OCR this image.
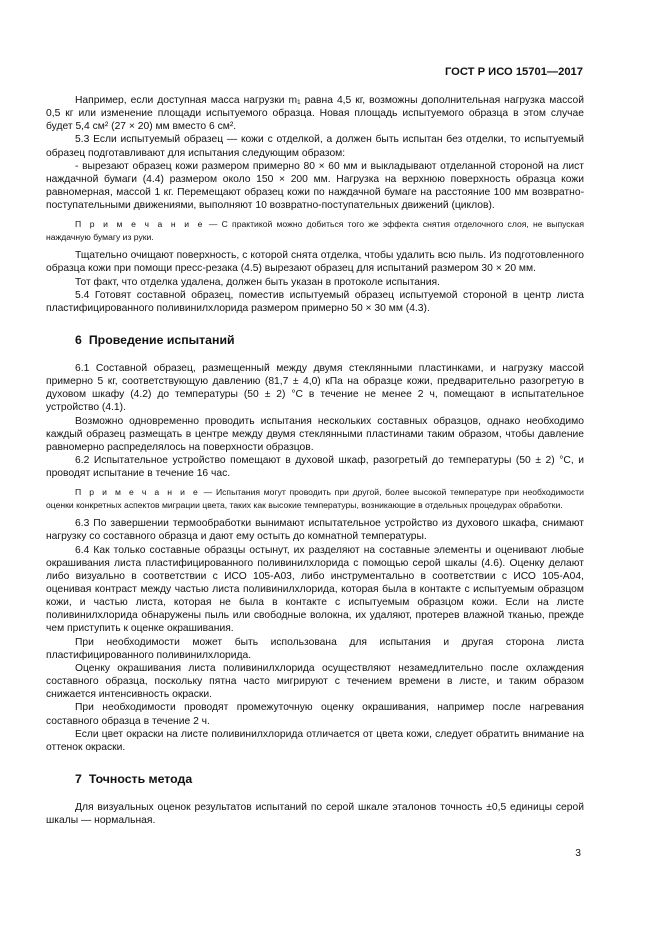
ГОСТ Р ИСО 15701—2017

Например, если доступная масса нагрузки m₁ равна 4,5 кг, возможны дополнительная нагрузка массой 0,5 кг или изменение площади испытуемого образца. Новая площадь испытуемого образца в этом случае будет 5,4 см² (27 × 20) мм вместо 6 см².

5.3 Если испытуемый образец — кожи с отделкой, а должен быть испытан без отделки, то испытуемый образец подготавливают для испытания следующим образом:

- вырезают образец кожи размером примерно 80 × 60 мм и выкладывают отделанной стороной на лист наждачной бумаги (4.4) размером около 150 × 200 мм. Нагрузка на верхнюю поверхность образца кожи равномерная, массой 1 кг. Перемещают образец кожи по наждачной бумаге на расстояние 100 мм возвратно-поступательными движениями, выполняют 10 возвратно-поступательных движений (циклов).

П р и м е ч а н и е — С практикой можно добиться того же эффекта снятия отделочного слоя, не выпуская наждачную бумагу из руки.

Тщательно очищают поверхность, с которой снята отделка, чтобы удалить всю пыль. Из подготовленного образца кожи при помощи пресс-резака (4.5) вырезают образец для испытаний размером 30 × 20 мм.

Тот факт, что отделка удалена, должен быть указан в протоколе испытания.

5.4 Готовят составной образец, поместив испытуемый образец испытуемой стороной в центр листа пластифицированного поливинилхлорида размером примерно 50 × 30 мм (4.3).

6 Проведение испытаний

6.1 Составной образец, размещенный между двумя стеклянными пластинками, и нагрузку массой примерно 5 кг, соответствующую давлению (81,7 ± 4,0) кПа на образце кожи, предварительно разогретую в духовом шкафу (4.2) до температуры (50 ± 2) °С в течение не менее 2 ч, помещают в испытательное устройство (4.1).

Возможно одновременно проводить испытания нескольких составных образцов, однако необходимо каждый образец размещать в центре между двумя стеклянными пластинами таким образом, чтобы давление равномерно распределялось на поверхности образцов.

6.2 Испытательное устройство помещают в духовой шкаф, разогретый до температуры (50 ± 2) °С, и проводят испытание в течение 16 час.

П р и м е ч а н и е — Испытания могут проводить при другой, более высокой температуре при необходимости оценки конкретных аспектов миграции цвета, таких как высокие температуры, возникающие в отдельных процедурах обработки.

6.3 По завершении термообработки вынимают испытательное устройство из духового шкафа, снимают нагрузку со составного образца и дают ему остыть до комнатной температуры.

6.4 Как только составные образцы остынут, их разделяют на составные элементы и оценивают любые окрашивания листа пластифицированного поливинилхлорида с помощью серой шкалы (4.6). Оценку делают либо визуально в соответствии с ИСО 105-А03, либо инструментально в соответствии с ИСО 105-А04, оценивая контраст между частью листа поливинилхлорида, которая была в контакте с испытуемым образцом кожи, и частью листа, которая не была в контакте с испытуемым образцом кожи. Если на листе поливинилхлорида обнаружены пыль или свободные волокна, их удаляют, протерев влажной тканью, прежде чем приступить к оценке окрашивания.

При необходимости может быть использована для испытания и другая сторона листа пластифицированного поливинилхлорида.

Оценку окрашивания листа поливинилхлорида осуществляют незамедлительно после охлаждения составного образца, поскольку пятна часто мигрируют с течением времени в листе, и таким образом снижается интенсивность окраски.

При необходимости проводят промежуточную оценку окрашивания, например после нагревания составного образца в течение 2 ч.

Если цвет окраски на листе поливинилхлорида отличается от цвета кожи, следует обратить внимание на оттенок окраски.

7 Точность метода

Для визуальных оценок результатов испытаний по серой шкале эталонов точность ±0,5 единицы серой шкалы — нормальная.

3
